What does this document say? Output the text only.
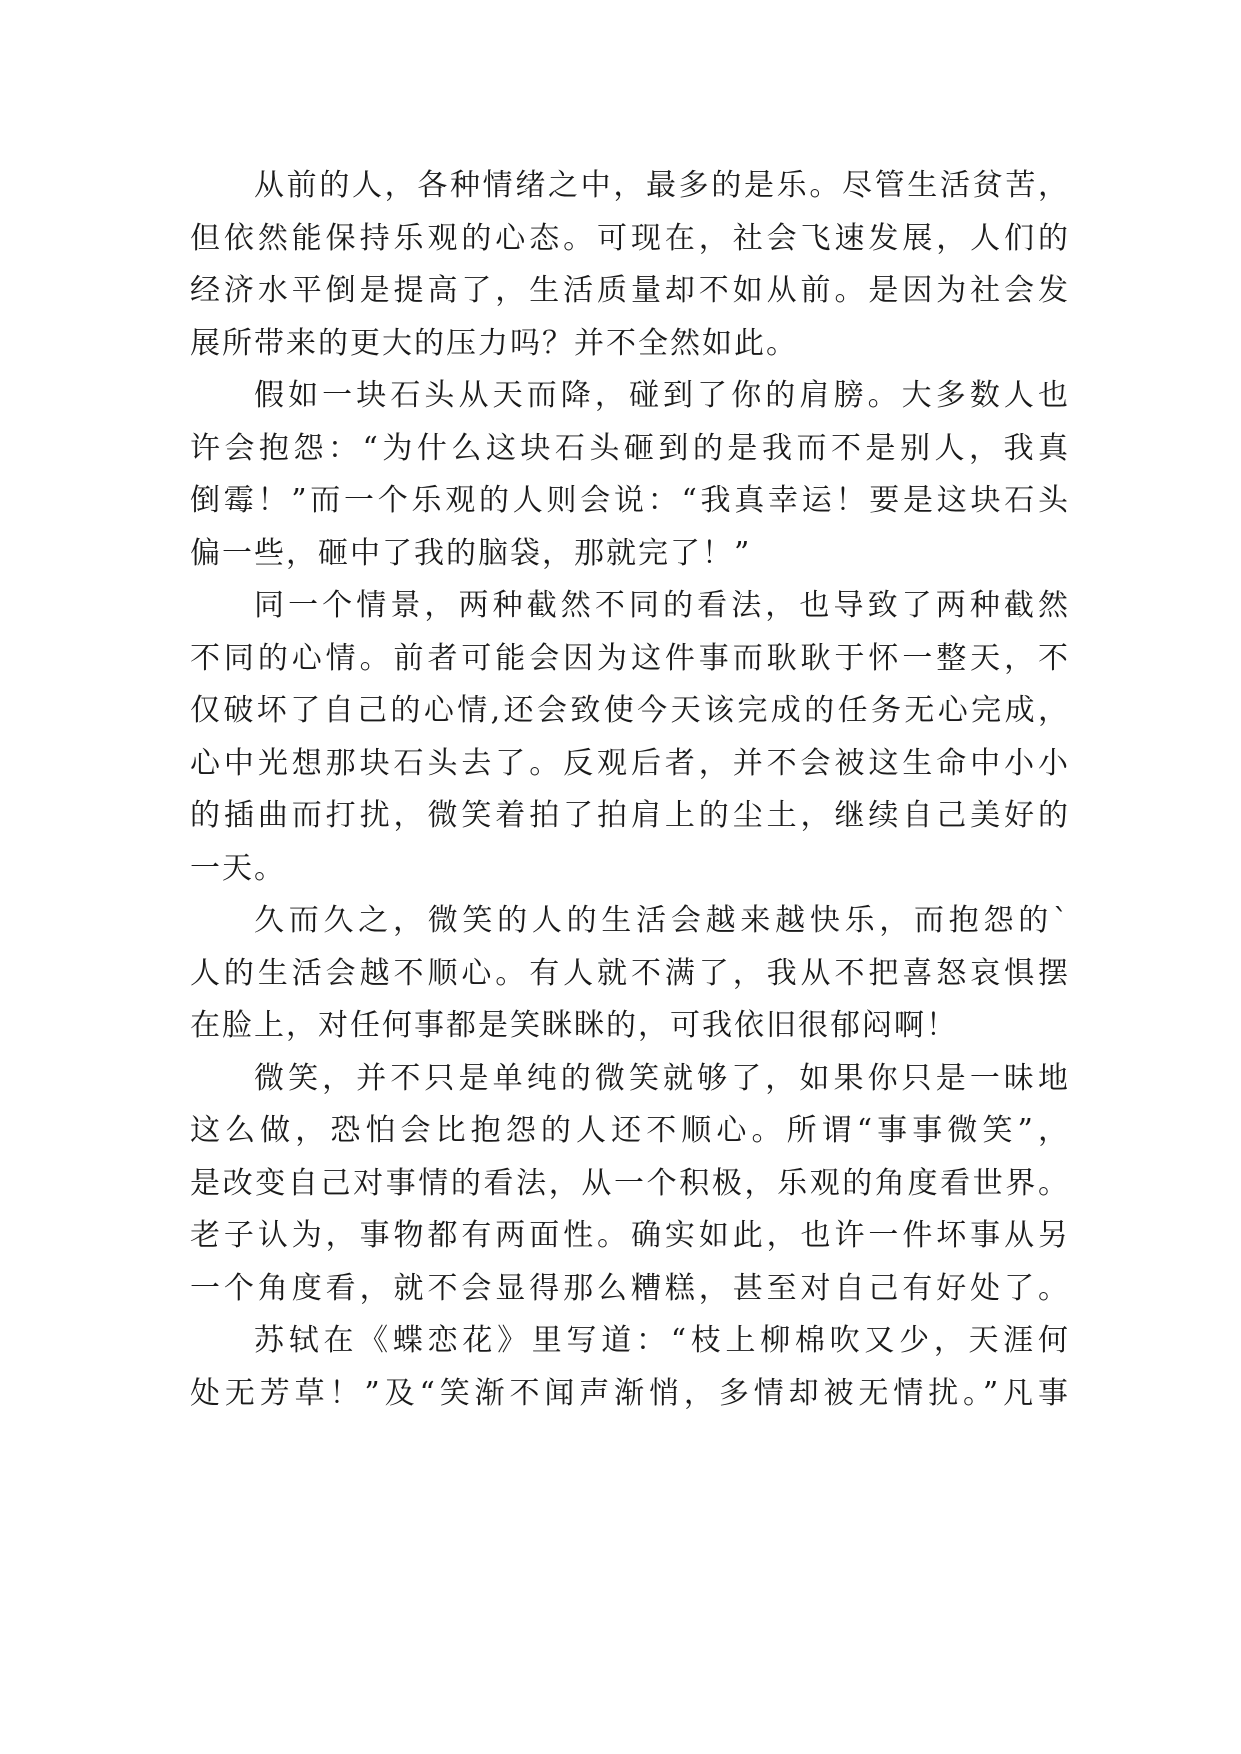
从前的人，各种情绪之中，最多的是乐。尽管生活贫苦，
但依然能保持乐观的心态。可现在，社会飞速发展，人们的
经济水平倒是提高了，生活质量却不如从前。是因为社会发
展所带来的更大的压力吗？并不全然如此。
假如一块石头从天而降，碰到了你的肩膀。大多数人也
许会抱怨：“为什么这块石头砸到的是我而不是别人，我真
倒霉！”而一个乐观的人则会说：“我真幸运！要是这块石头
偏一些，砸中了我的脑袋，那就完了！”
同一个情景，两种截然不同的看法，也导致了两种截然
不同的心情。前者可能会因为这件事而耿耿于怀一整天，不
仅破坏了自己的心情,还会致使今天该完成的任务无心完成，
心中光想那块石头去了。反观后者，并不会被这生命中小小
的插曲而打扰，微笑着拍了拍肩上的尘土，继续自己美好的
一天。
久而久之，微笑的人的生活会越来越快乐，而抱怨的`
人的生活会越不顺心。有人就不满了，我从不把喜怒哀惧摆
在脸上，对任何事都是笑眯眯的，可我依旧很郁闷啊！
微笑，并不只是单纯的微笑就够了，如果你只是一昧地
这么做，恐怕会比抱怨的人还不顺心。所谓“事事微笑”，
是改变自己对事情的看法，从一个积极，乐观的角度看世界。
老子认为，事物都有两面性。确实如此，也许一件坏事从另
一个角度看，就不会显得那么糟糕，甚至对自己有好处了。
苏轼在《蝶恋花》里写道：“枝上柳棉吹又少，天涯何
处无芳草！”及“笑渐不闻声渐悄，多情却被无情扰。”凡事
